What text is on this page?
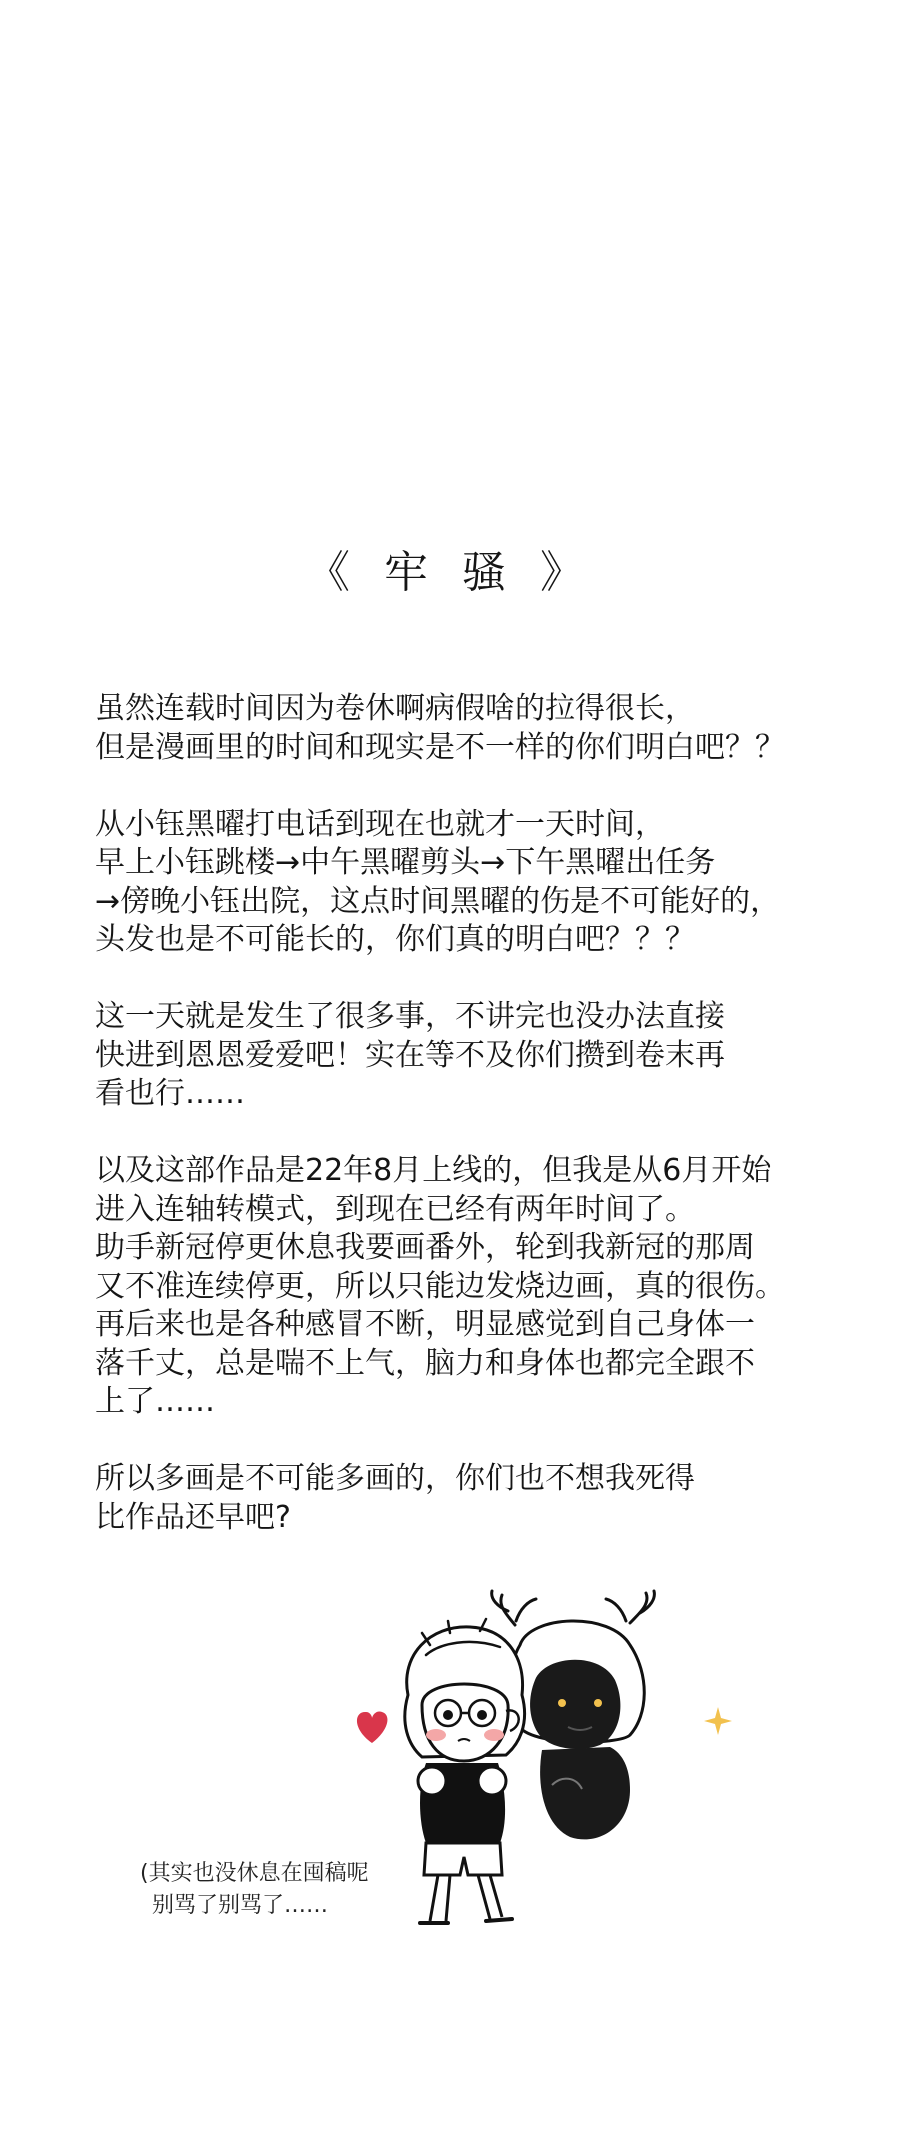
《 牢 骚 》
虽然连载时间因为卷休啊病假啥的拉得很长，
但是漫画里的时间和现实是不一样的你们明白吧？？
从小钰黑曜打电话到现在也就才一天时间，
早上小钰跳楼→中午黑曜剪头→下午黑曜出任务
→傍晚小钰出院，这点时间黑曜的伤是不可能好的，
头发也是不可能长的，你们真的明白吧？？？
这一天就是发生了很多事，不讲完也没办法直接
快进到恩恩爱爱吧！实在等不及你们攒到卷末再
看也行……
以及这部作品是22年8月上线的，但我是从6月开始
进入连轴转模式，到现在已经有两年时间了。
助手新冠停更休息我要画番外，轮到我新冠的那周
又不准连续停更，所以只能边发烧边画，真的很伤。
再后来也是各种感冒不断，明显感觉到自己身体一
落千丈，总是喘不上气，脑力和身体也都完全跟不
上了……
所以多画是不可能多画的，你们也不想我死得
比作品还早吧?
(其实也没休息在囤稿呢
别骂了别骂了……
